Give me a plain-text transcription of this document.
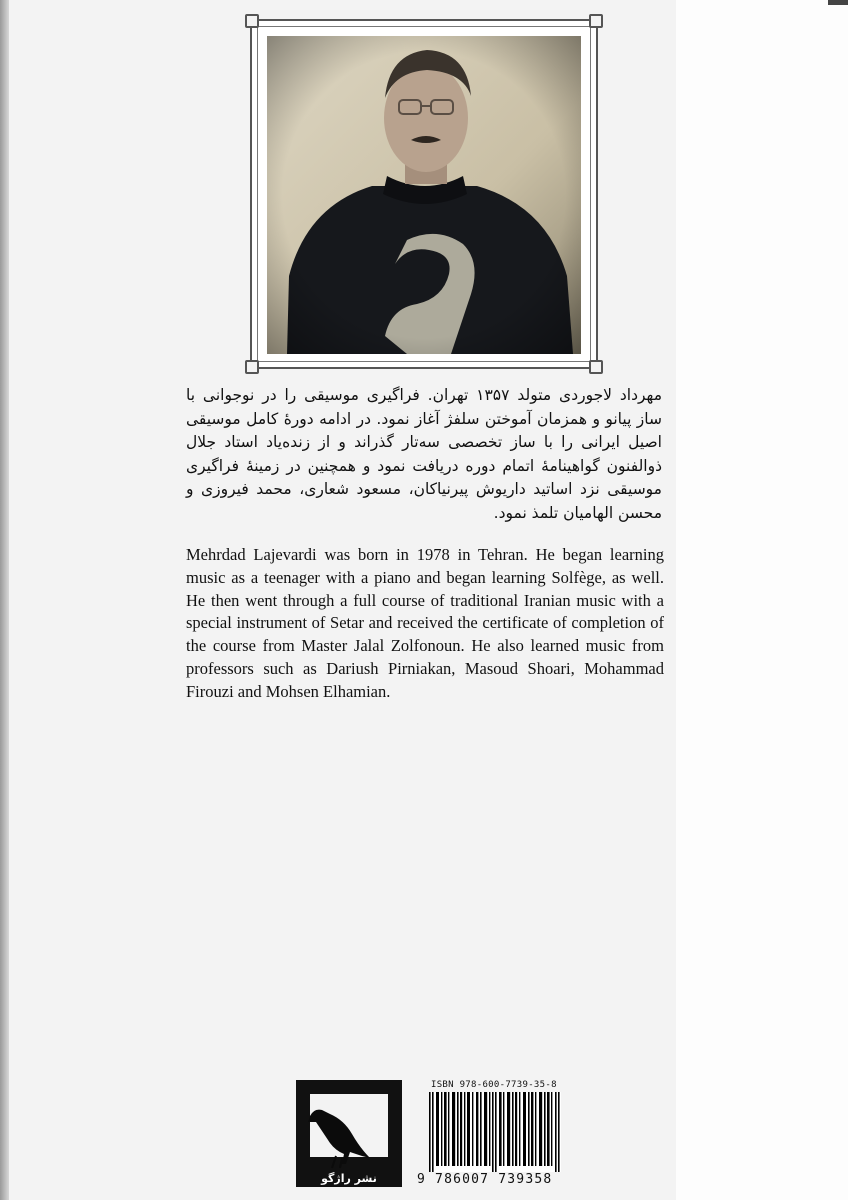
مهرداد لاجوردی متولد ۱۳۵۷ تهران. فراگیری موسیقی را در نوجوانی با ساز پیانو و همزمان آموختن سلفژ آغاز نمود. در ادامه دورهٔ کامل موسیقی اصیل ایرانی را با ساز تخصصی سه‌تار گذراند و از زنده‌یاد استاد جلال ذوالفنون گواهینامهٔ اتمام دوره دریافت نمود و همچنین در زمینهٔ فراگیری موسیقی نزد اساتید داریوش پیرنیاکان، مسعود شعاری، محمد فیروزی و محسن الهامیان تلمذ نمود.

Mehrdad Lajevardi was born in 1978 in Tehran. He began learning music as a teenager with a piano and began learning Solfège, as well. He then went through a full course of traditional Iranian music with a special instrument of Setar and received the certificate of completion of the course from Master Jalal Zolfonoun. He also learned music from professors such as Dariush Pirniakan, Masoud Shoari, Mohammad Firouzi and Mohsen Elhamian.

نشر راژگو
ISBN 978-600-7739-35-8
9 786007 739358
